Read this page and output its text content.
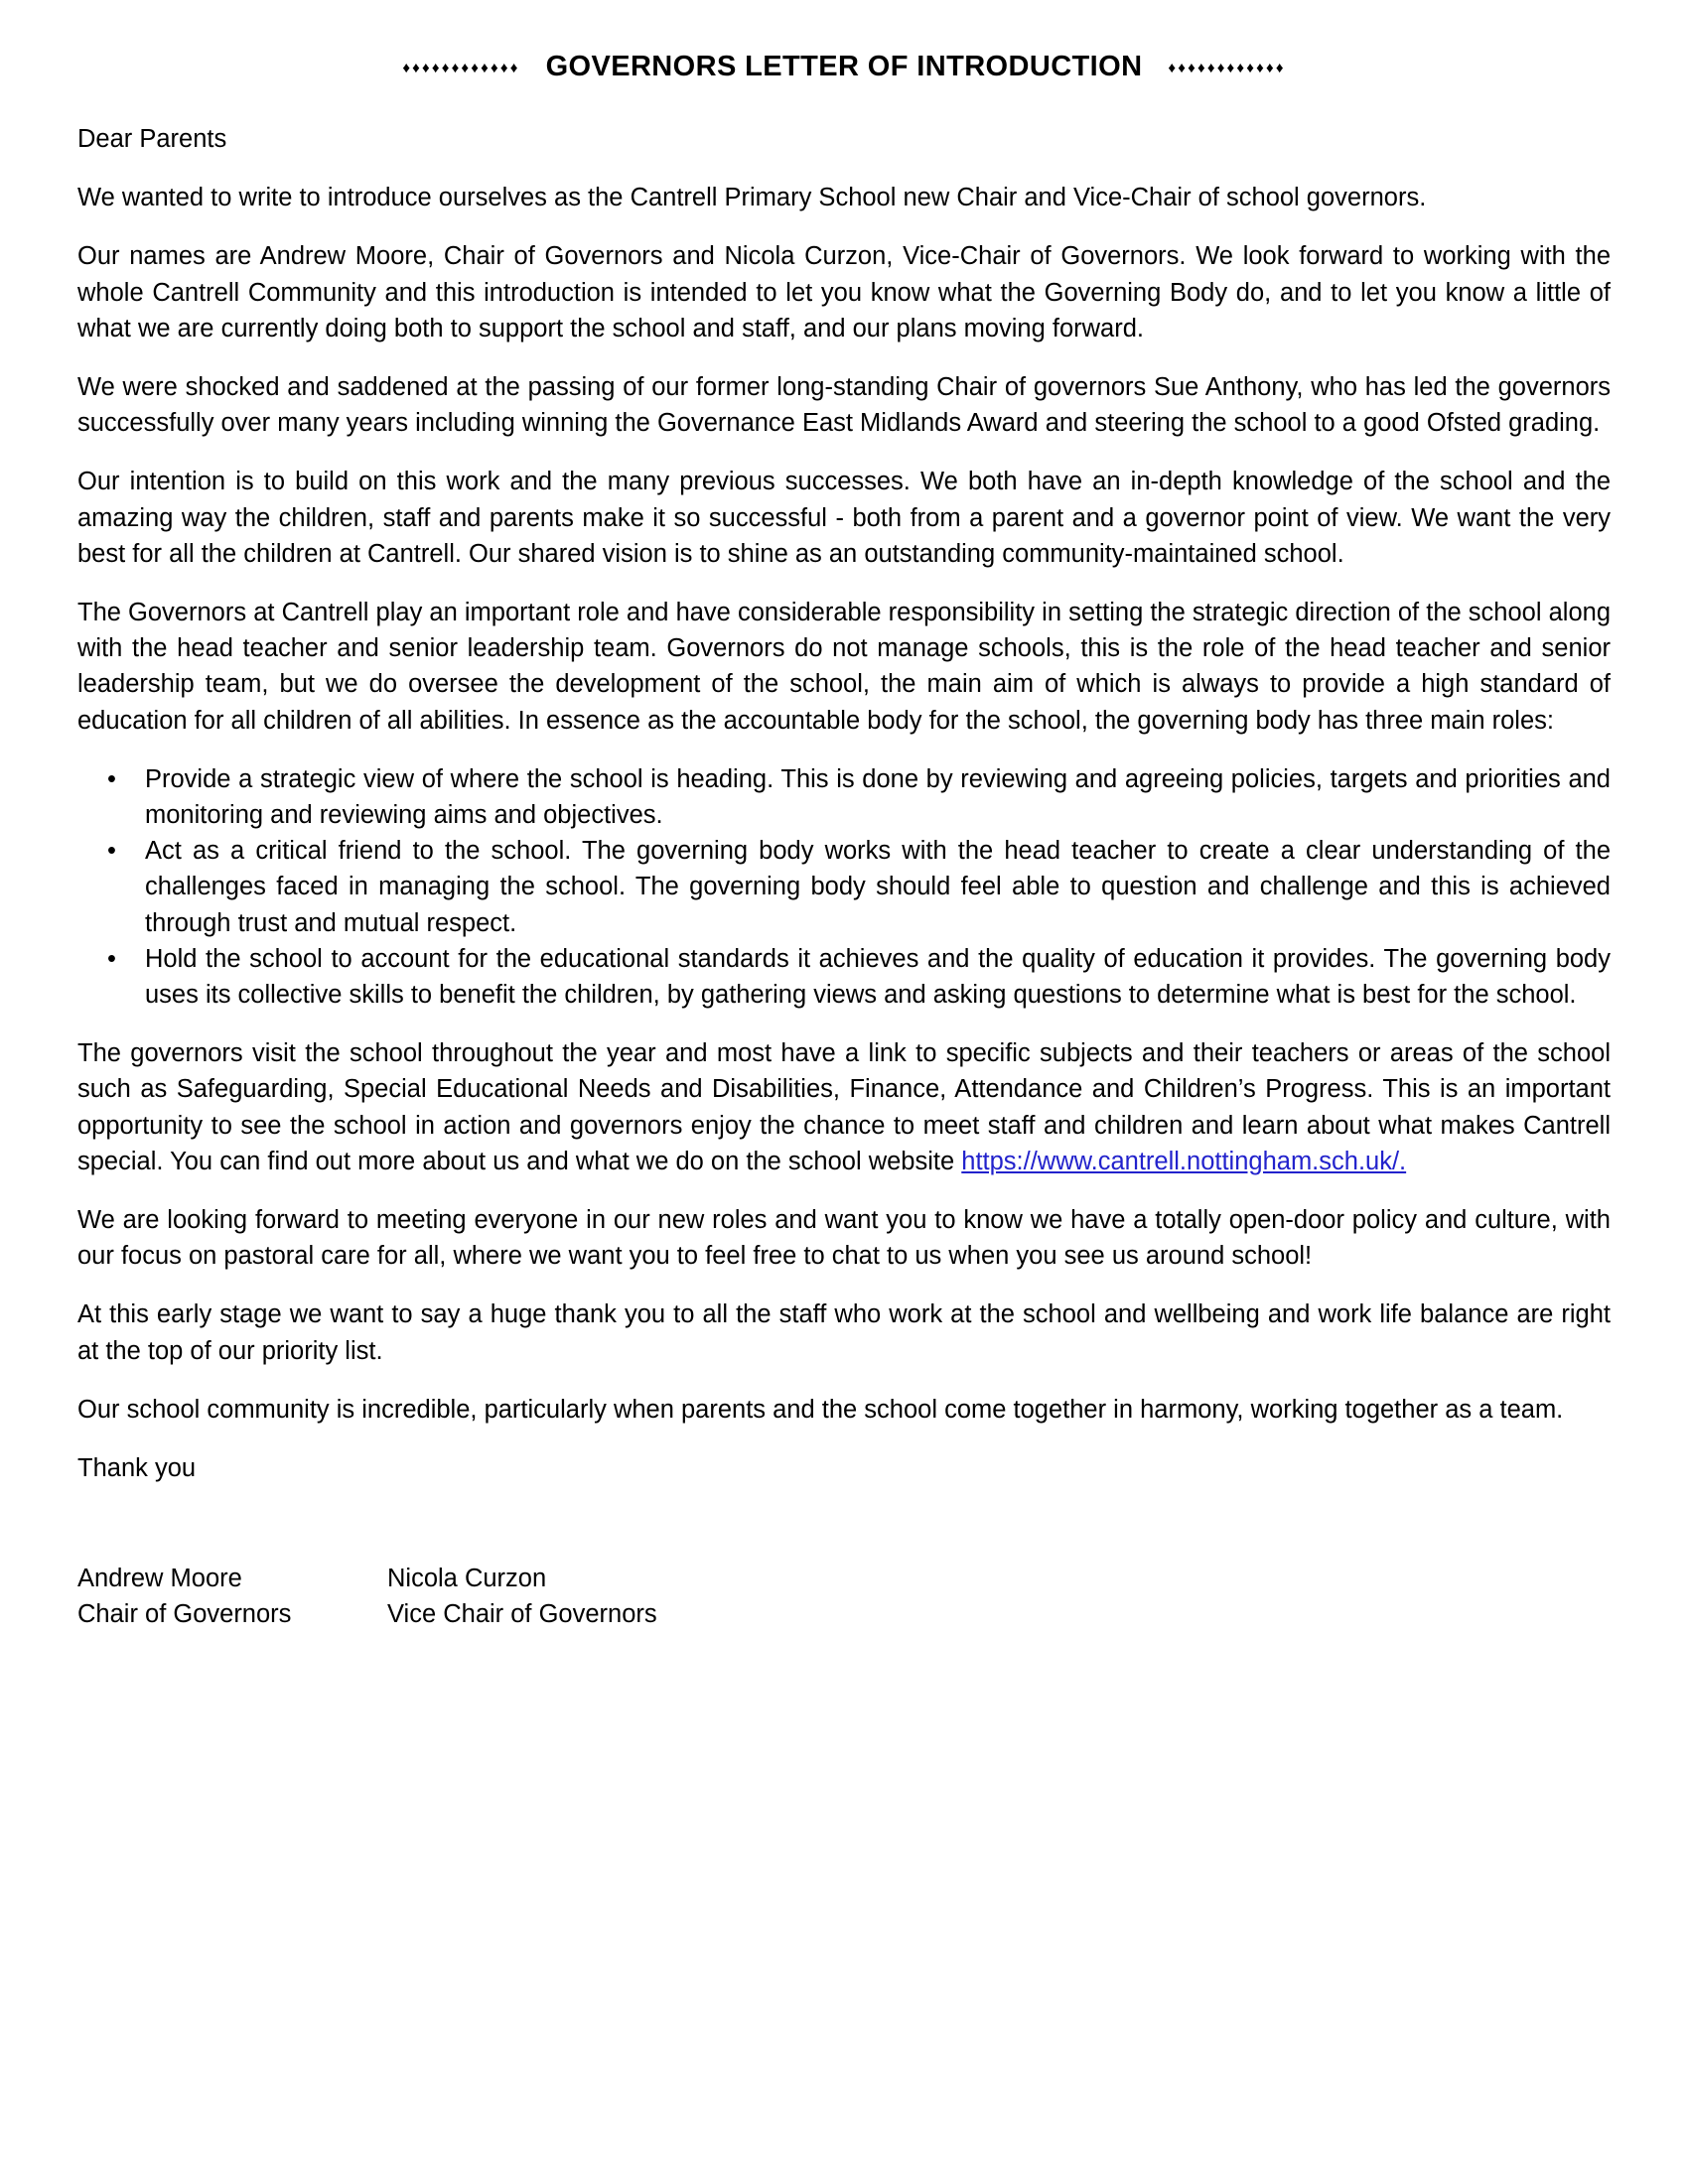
♦♦♦♦♦♦♦♦♦♦♦♦ GOVERNORS LETTER OF INTRODUCTION ♦♦♦♦♦♦♦♦♦♦♦♦

Dear Parents

We wanted to write to introduce ourselves as the Cantrell Primary School new Chair and Vice-Chair of school governors.

Our names are Andrew Moore, Chair of Governors and Nicola Curzon, Vice-Chair of Governors. We look forward to working with the whole Cantrell Community and this introduction is intended to let you know what the Governing Body do, and to let you know a little of what we are currently doing both to support the school and staff, and our plans moving forward.

We were shocked and saddened at the passing of our former long-standing Chair of governors Sue Anthony, who has led the governors successfully over many years including winning the Governance East Midlands Award and steering the school to a good Ofsted grading.

Our intention is to build on this work and the many previous successes. We both have an in-depth knowledge of the school and the amazing way the children, staff and parents make it so successful - both from a parent and a governor point of view. We want the very best for all the children at Cantrell. Our shared vision is to shine as an outstanding community-maintained school.

The Governors at Cantrell play an important role and have considerable responsibility in setting the strategic direction of the school along with the head teacher and senior leadership team. Governors do not manage schools, this is the role of the head teacher and senior leadership team, but we do oversee the development of the school, the main aim of which is always to provide a high standard of education for all children of all abilities. In essence as the accountable body for the school, the governing body has three main roles:

• Provide a strategic view of where the school is heading. This is done by reviewing and agreeing policies, targets and priorities and monitoring and reviewing aims and objectives.
• Act as a critical friend to the school. The governing body works with the head teacher to create a clear understanding of the challenges faced in managing the school. The governing body should feel able to question and challenge and this is achieved through trust and mutual respect.
• Hold the school to account for the educational standards it achieves and the quality of education it provides. The governing body uses its collective skills to benefit the children, by gathering views and asking questions to determine what is best for the school.

The governors visit the school throughout the year and most have a link to specific subjects and their teachers or areas of the school such as Safeguarding, Special Educational Needs and Disabilities, Finance, Attendance and Children’s Progress. This is an important opportunity to see the school in action and governors enjoy the chance to meet staff and children and learn about what makes Cantrell special. You can find out more about us and what we do on the school website https://www.cantrell.nottingham.sch.uk/.

We are looking forward to meeting everyone in our new roles and want you to know we have a totally open-door policy and culture, with our focus on pastoral care for all, where we want you to feel free to chat to us when you see us around school!

At this early stage we want to say a huge thank you to all the staff who work at the school and wellbeing and work life balance are right at the top of our priority list.

Our school community is incredible, particularly when parents and the school come together in harmony, working together as a team.

Thank you

Andrew Moore	Nicola Curzon
Chair of Governors	Vice Chair of Governors
